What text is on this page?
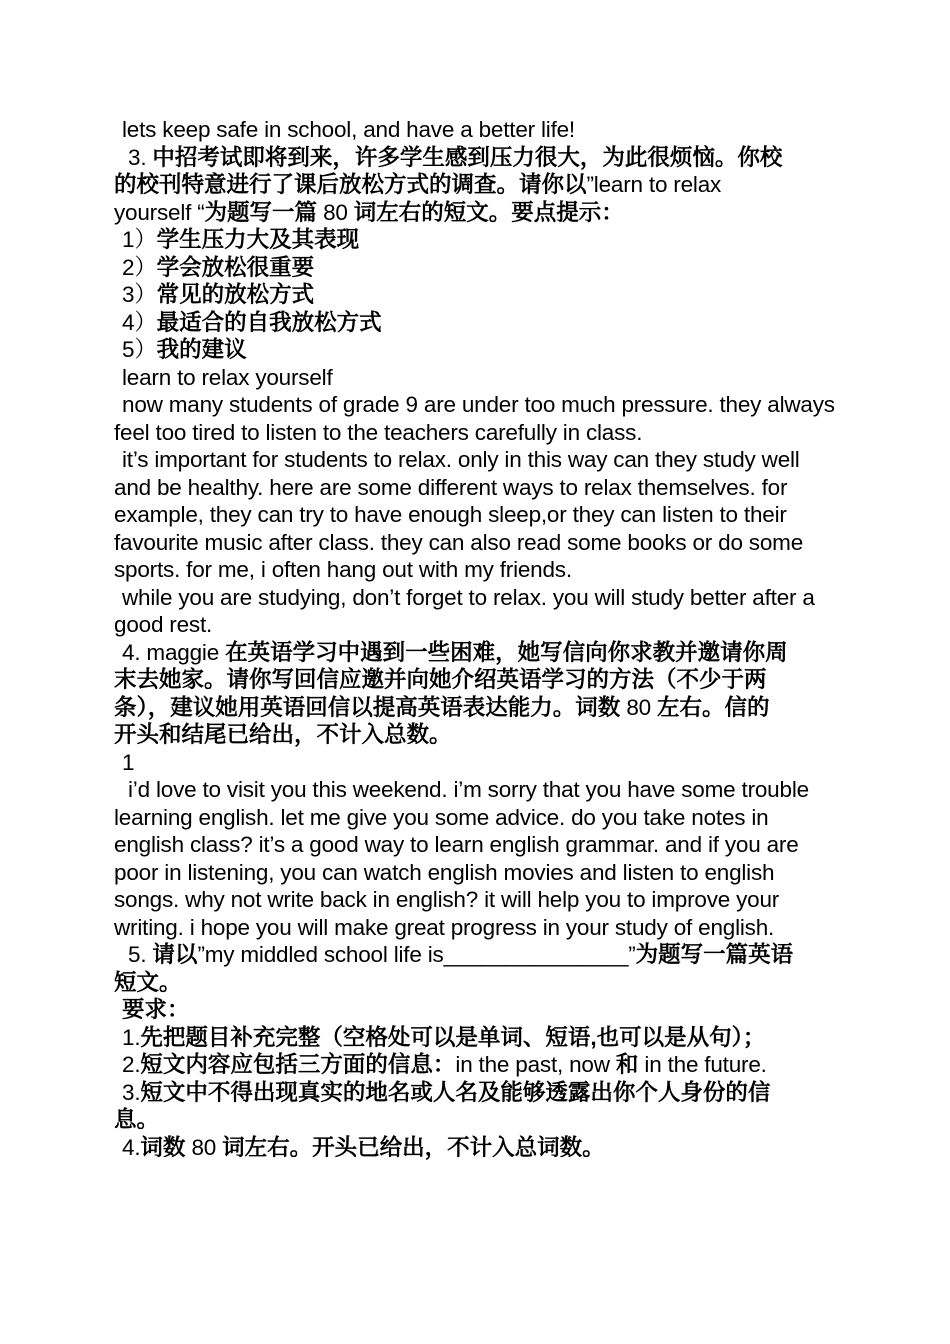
lets keep safe in school, and have a better life!
3. 中招考试即将到来，许多学生感到压力很大，为此很烦恼。你校
的校刊特意进行了课后放松方式的调查。请你以”learn to relax
yourself “为题写一篇 80 词左右的短文。要点提示：
1）学生压力大及其表现
2）学会放松很重要
3）常见的放松方式
4）最适合的自我放松方式
5）我的建议
learn to relax yourself
now many students of grade 9 are under too much pressure. they always feel too tired to listen to the teachers carefully in class.
it’s important for students to relax. only in this way can they study well and be healthy. here are some different ways to relax themselves. for example, they can try to have enough sleep,or they can listen to their favourite music after class. they can also read some books or do some sports. for me, i often hang out with my friends.
while you are studying, don’t forget to relax. you will study better after a good rest.
4. maggie 在英语学习中遇到一些困难，她写信向你求教并邀请你周
末去她家。请你写回信应邀并向她介绍英语学习的方法（不少于两
条），建议她用英语回信以提高英语表达能力。词数 80 左右。信的
开头和结尾已给出，不计入总数。
1
i’d love to visit you this weekend. i’m sorry that you have some trouble learning english. let me give you some advice. do you take notes in english class? it’s a good way to learn english grammar. and if you are poor in listening, you can watch english movies and listen to english songs. why not write back in english? it will help you to improve your writing. i hope you will make great progress in your study of english.
5. 请以”my middled school life is_______________”为题写一篇英语
短文。
要求：
1.先把题目补充完整（空格处可以是单词、短语,也可以是从句）；
2.短文内容应包括三方面的信息：in the past, now 和 in the future.
3.短文中不得出现真实的地名或人名及能够透露出你个人身份的信
息。
4.词数 80 词左右。开头已给出，不计入总词数。
